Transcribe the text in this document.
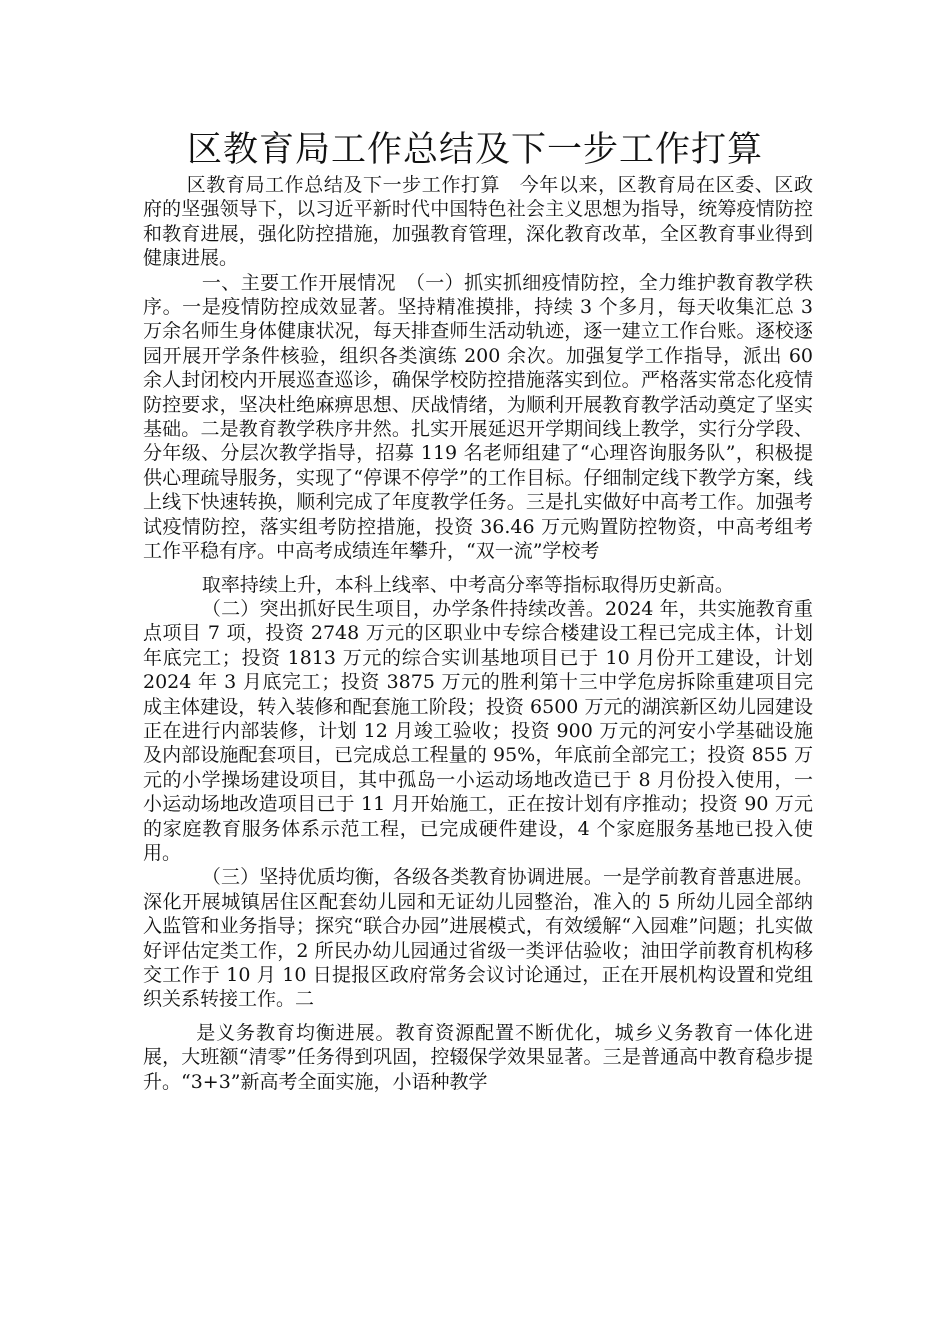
区教育局工作总结及下一步工作打算

区教育局工作总结及下一步工作打算　今年以来，区教育局在区委、区政府的坚强领导下，以习近平新时代中国特色社会主义思想为指导，统筹疫情防控和教育进展，强化防控措施，加强教育管理，深化教育改革，全区教育事业得到健康进展。

一、主要工作开展情况　（一）抓实抓细疫情防控，全力维护教育教学秩序。一是疫情防控成效显著。坚持精准摸排，持续 3 个多月，每天收集汇总 3 万余名师生身体健康状况，每天排查师生活动轨迹，逐一建立工作台账。逐校逐园开展开学条件核验，组织各类演练 200 余次。加强复学工作指导，派出 60 余人封闭校内开展巡查巡诊，确保学校防控措施落实到位。严格落实常态化疫情防控要求，坚决杜绝麻痹思想、厌战情绪，为顺利开展教育教学活动奠定了坚实基础。二是教育教学秩序井然。扎实开展延迟开学期间线上教学，实行分学段、分年级、分层次教学指导，招募 119 名老师组建了“心理咨询服务队”，积极提供心理疏导服务，实现了“停课不停学”的工作目标。仔细制定线下教学方案，线上线下快速转换，顺利完成了年度教学任务。三是扎实做好中高考工作。加强考试疫情防控，落实组考防控措施，投资 36.46 万元购置防控物资，中高考组考工作平稳有序。中高考成绩连年攀升，“双一流”学校考

取率持续上升，本科上线率、中考高分率等指标取得历史新高。

（二）突出抓好民生项目，办学条件持续改善。2024 年，共实施教育重点项目 7 项，投资 2748 万元的区职业中专综合楼建设工程已完成主体，计划年底完工；投资 1813 万元的综合实训基地项目已于 10 月份开工建设，计划 2024 年 3 月底完工；投资 3875 万元的胜利第十三中学危房拆除重建项目完成主体建设，转入装修和配套施工阶段；投资 6500 万元的湖滨新区幼儿园建设正在进行内部装修，计划 12 月竣工验收；投资 900 万元的河安小学基础设施及内部设施配套项目，已完成总工程量的 95%，年底前全部完工；投资 855 万元的小学操场建设项目，其中孤岛一小运动场地改造已于 8 月份投入使用，一小运动场地改造项目已于 11 月开始施工，正在按计划有序推动；投资 90 万元的家庭教育服务体系示范工程，已完成硬件建设，4 个家庭服务基地已投入使用。

（三）坚持优质均衡，各级各类教育协调进展。一是学前教育普惠进展。深化开展城镇居住区配套幼儿园和无证幼儿园整治，准入的 5 所幼儿园全部纳入监管和业务指导；探究“联合办园”进展模式，有效缓解“入园难”问题；扎实做好评估定类工作，2 所民办幼儿园通过省级一类评估验收；油田学前教育机构移交工作于 10 月 10 日提报区政府常务会议讨论通过，正在开展机构设置和党组织关系转接工作。二

是义务教育均衡进展。教育资源配置不断优化，城乡义务教育一体化进展，大班额“清零”任务得到巩固，控辍保学效果显著。三是普通高中教育稳步提升。“3+3”新高考全面实施，小语种教学
